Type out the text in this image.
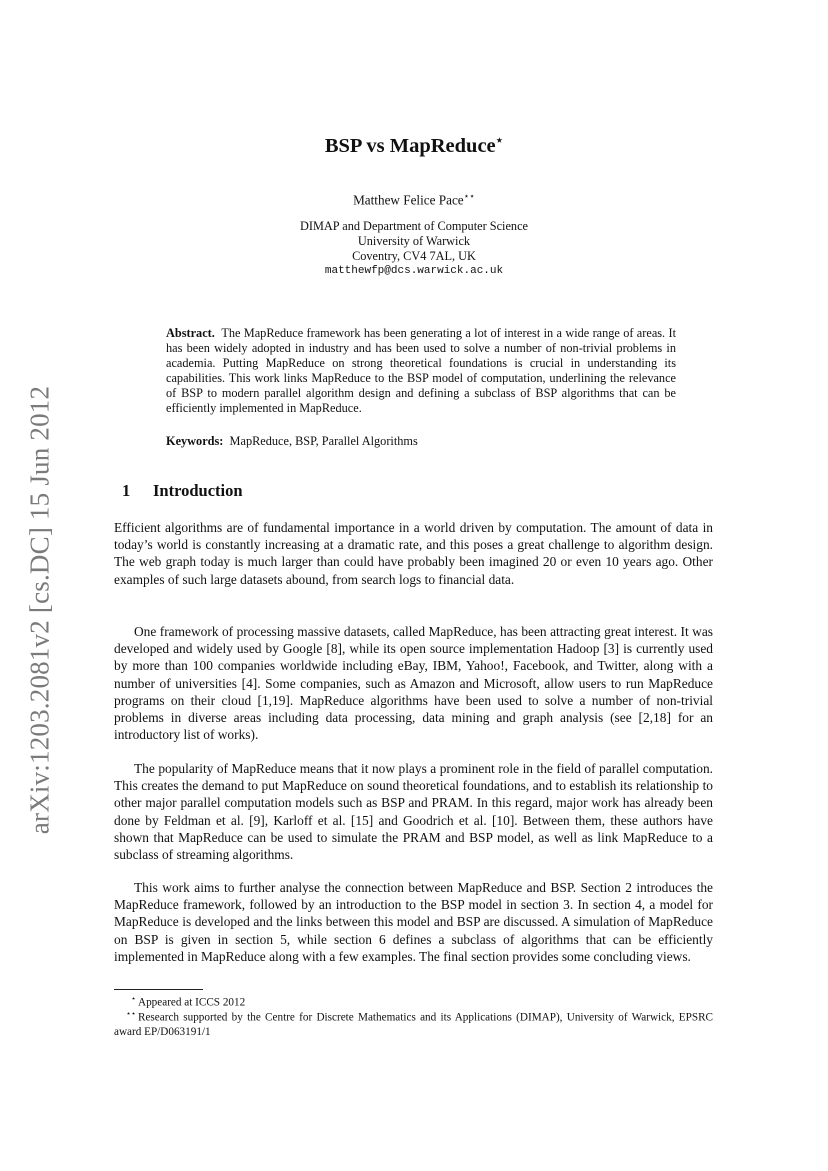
arXiv:1203.2081v2 [cs.DC] 15 Jun 2012
BSP vs MapReduce⋆
Matthew Felice Pace⋆⋆
DIMAP and Department of Computer Science
University of Warwick
Coventry, CV4 7AL, UK
matthewfp@dcs.warwick.ac.uk
Abstract. The MapReduce framework has been generating a lot of interest in a wide range of areas. It has been widely adopted in industry and has been used to solve a number of non-trivial problems in academia. Putting MapReduce on strong theoretical foundations is crucial in understanding its capabilities. This work links MapReduce to the BSP model of computation, underlining the relevance of BSP to modern parallel algorithm design and defining a subclass of BSP algorithms that can be efficiently implemented in MapReduce.
Keywords: MapReduce, BSP, Parallel Algorithms
1 Introduction

Efficient algorithms are of fundamental importance in a world driven by computation. The amount of data in today’s world is constantly increasing at a dramatic rate, and this poses a great challenge to algorithm design. The web graph today is much larger than could have probably been imagined 20 or even 10 years ago. Other examples of such large datasets abound, from search logs to financial data.

One framework of processing massive datasets, called MapReduce, has been attracting great interest. It was developed and widely used by Google [8], while its open source implementation Hadoop [3] is currently used by more than 100 companies worldwide including eBay, IBM, Yahoo!, Facebook, and Twitter, along with a number of universities [4]. Some companies, such as Amazon and Microsoft, allow users to run MapReduce programs on their cloud [1,19]. MapReduce algorithms have been used to solve a number of non-trivial problems in diverse areas including data processing, data mining and graph analysis (see [2,18] for an introductory list of works).

The popularity of MapReduce means that it now plays a prominent role in the field of parallel computation. This creates the demand to put MapReduce on sound theoretical foundations, and to establish its relationship to other major parallel computation models such as BSP and PRAM. In this regard, major work has already been done by Feldman et al. [9], Karloff et al. [15] and Goodrich et al. [10]. Between them, these authors have shown that MapReduce can be used to simulate the PRAM and BSP model, as well as link MapReduce to a subclass of streaming algorithms.

This work aims to further analyse the connection between MapReduce and BSP. Section 2 introduces the MapReduce framework, followed by an introduction to the BSP model in section 3. In section 4, a model for MapReduce is developed and the links between this model and BSP are discussed. A simulation of MapReduce on BSP is given in section 5, while section 6 defines a subclass of algorithms that can be efficiently implemented in MapReduce along with a few examples. The final section provides some concluding views.

⋆ Appeared at ICCS 2012
⋆⋆ Research supported by the Centre for Discrete Mathematics and its Applications (DIMAP), University of Warwick, EPSRC award EP/D063191/1
